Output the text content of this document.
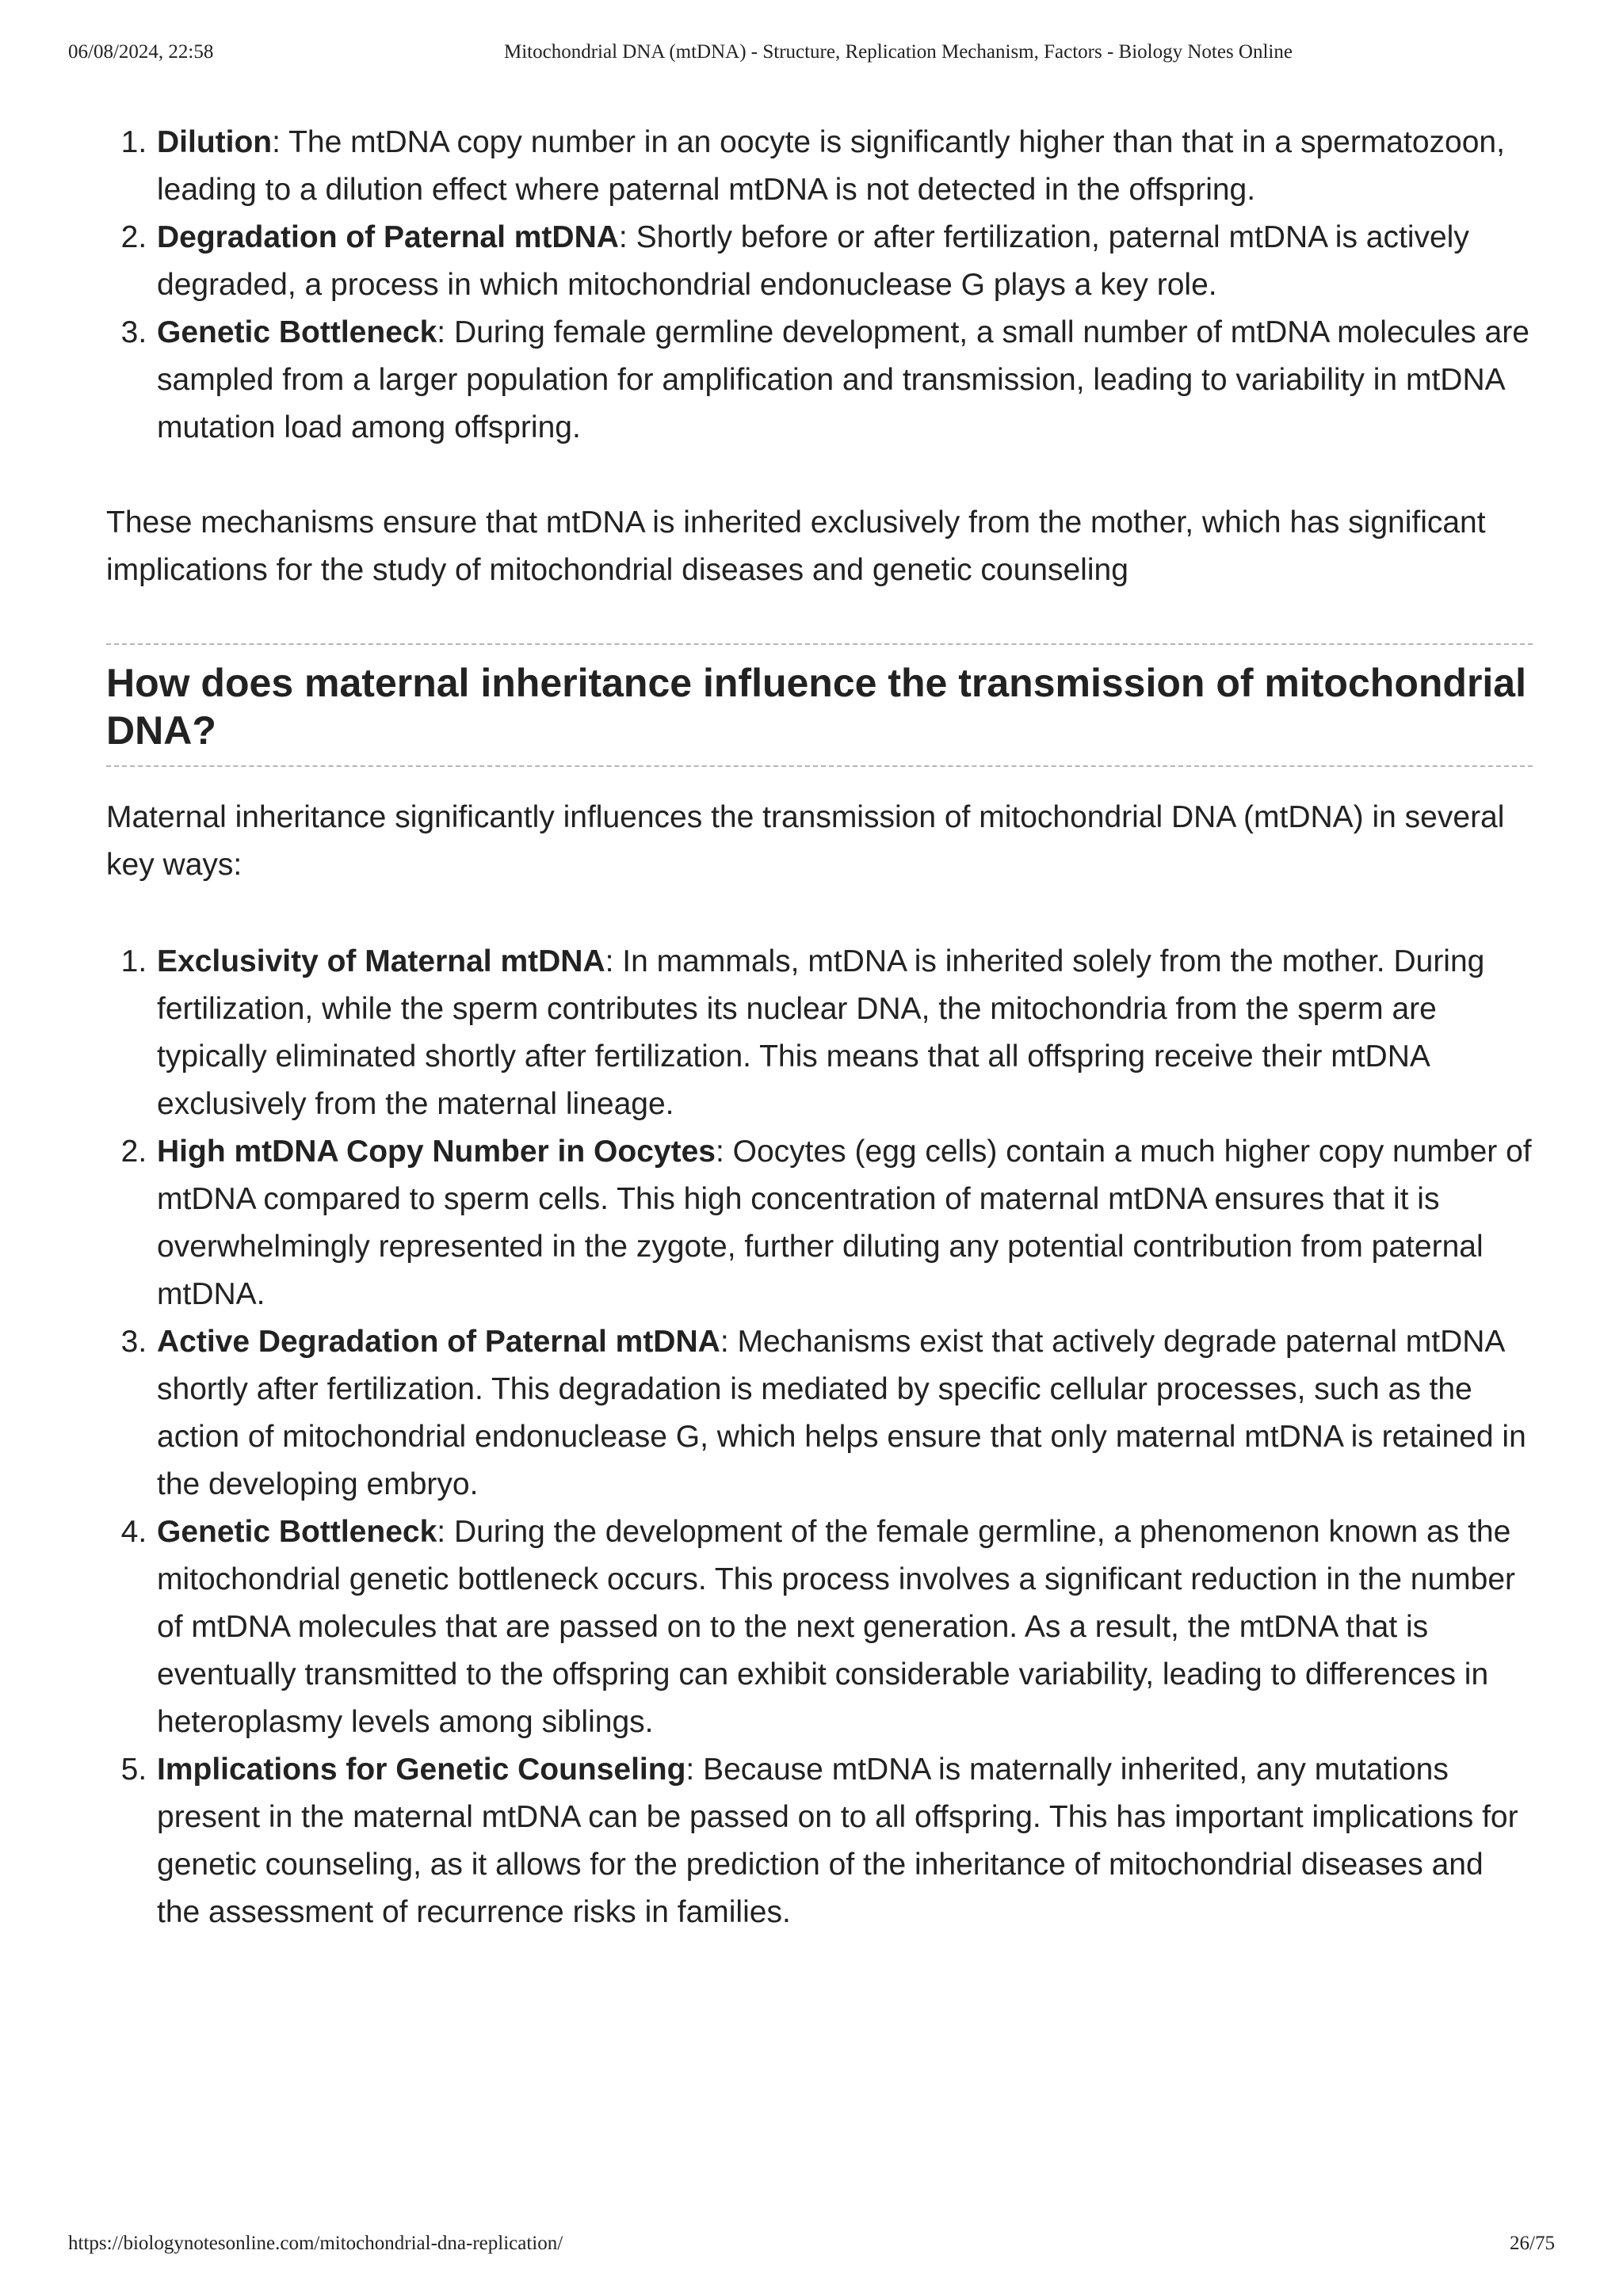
06/08/2024, 22:58	Mitochondrial DNA (mtDNA) - Structure, Replication Mechanism, Factors - Biology Notes Online
1. Dilution: The mtDNA copy number in an oocyte is significantly higher than that in a spermatozoon, leading to a dilution effect where paternal mtDNA is not detected in the offspring.
2. Degradation of Paternal mtDNA: Shortly before or after fertilization, paternal mtDNA is actively degraded, a process in which mitochondrial endonuclease G plays a key role.
3. Genetic Bottleneck: During female germline development, a small number of mtDNA molecules are sampled from a larger population for amplification and transmission, leading to variability in mtDNA mutation load among offspring.

These mechanisms ensure that mtDNA is inherited exclusively from the mother, which has significant implications for the study of mitochondrial diseases and genetic counseling

How does maternal inheritance influence the transmission of mitochondrial DNA?

Maternal inheritance significantly influences the transmission of mitochondrial DNA (mtDNA) in several key ways:

1. Exclusivity of Maternal mtDNA: In mammals, mtDNA is inherited solely from the mother. During fertilization, while the sperm contributes its nuclear DNA, the mitochondria from the sperm are typically eliminated shortly after fertilization. This means that all offspring receive their mtDNA exclusively from the maternal lineage.
2. High mtDNA Copy Number in Oocytes: Oocytes (egg cells) contain a much higher copy number of mtDNA compared to sperm cells. This high concentration of maternal mtDNA ensures that it is overwhelmingly represented in the zygote, further diluting any potential contribution from paternal mtDNA.
3. Active Degradation of Paternal mtDNA: Mechanisms exist that actively degrade paternal mtDNA shortly after fertilization. This degradation is mediated by specific cellular processes, such as the action of mitochondrial endonuclease G, which helps ensure that only maternal mtDNA is retained in the developing embryo.
4. Genetic Bottleneck: During the development of the female germline, a phenomenon known as the mitochondrial genetic bottleneck occurs. This process involves a significant reduction in the number of mtDNA molecules that are passed on to the next generation. As a result, the mtDNA that is eventually transmitted to the offspring can exhibit considerable variability, leading to differences in heteroplasmy levels among siblings.
5. Implications for Genetic Counseling: Because mtDNA is maternally inherited, any mutations present in the maternal mtDNA can be passed on to all offspring. This has important implications for genetic counseling, as it allows for the prediction of the inheritance of mitochondrial diseases and the assessment of recurrence risks in families.
https://biologynotesonline.com/mitochondrial-dna-replication/	26/75
